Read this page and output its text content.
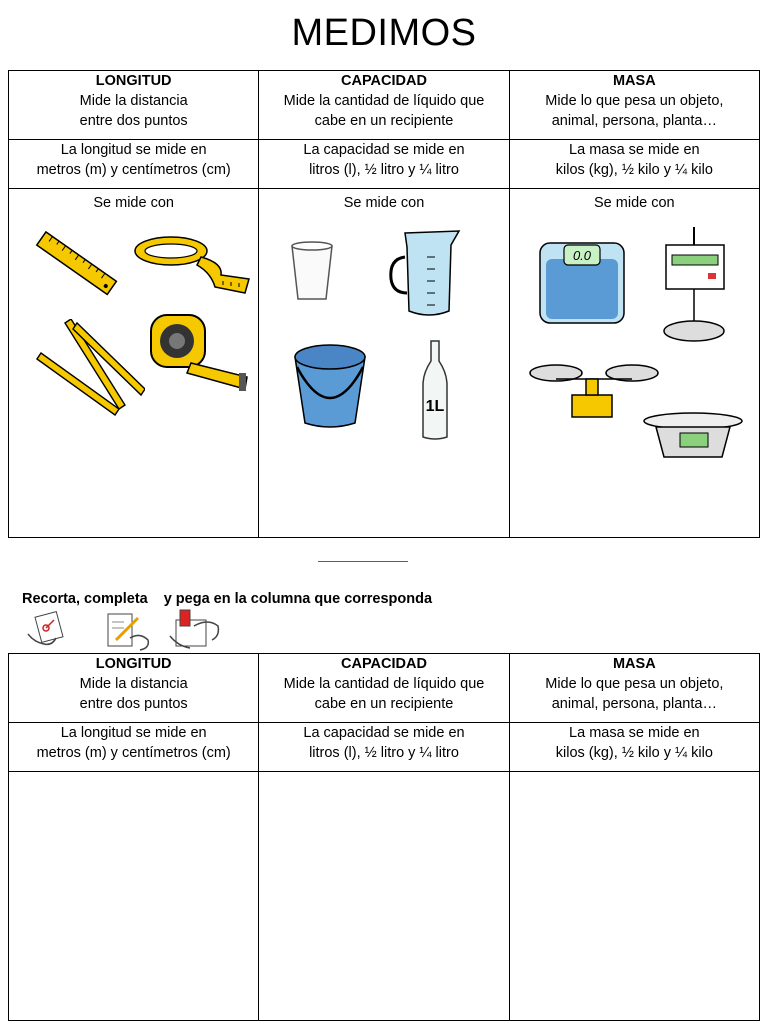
MEDIMOS
LONGITUD
Mide la distancia
entre dos puntos	CAPACIDAD
Mide la cantidad de líquido que
cabe en un recipiente	MASA
Mide lo que pesa un objeto,
animal, persona, planta…

La longitud se mide en
metros (m) y centímetros (cm)	La capacidad se mide en
litros (l), ½ litro y ¼ litro	La masa se mide en
kilos (kg), ½ kilo y ¼ kilo

Se mide con	Se mide con
1L	Se mide con
0.0
Recorta, completa y pega en la columna que corresponda
LONGITUD
Mide la distancia
entre dos puntos	CAPACIDAD
Mide la cantidad de líquido que
cabe en un recipiente	MASA
Mide lo que pesa un objeto,
animal, persona, planta…

La longitud se mide en
metros (m) y centímetros (cm)	La capacidad se mide en
litros (l), ½ litro y ¼ litro	La masa se mide en
kilos (kg), ½ kilo y ¼ kilo
